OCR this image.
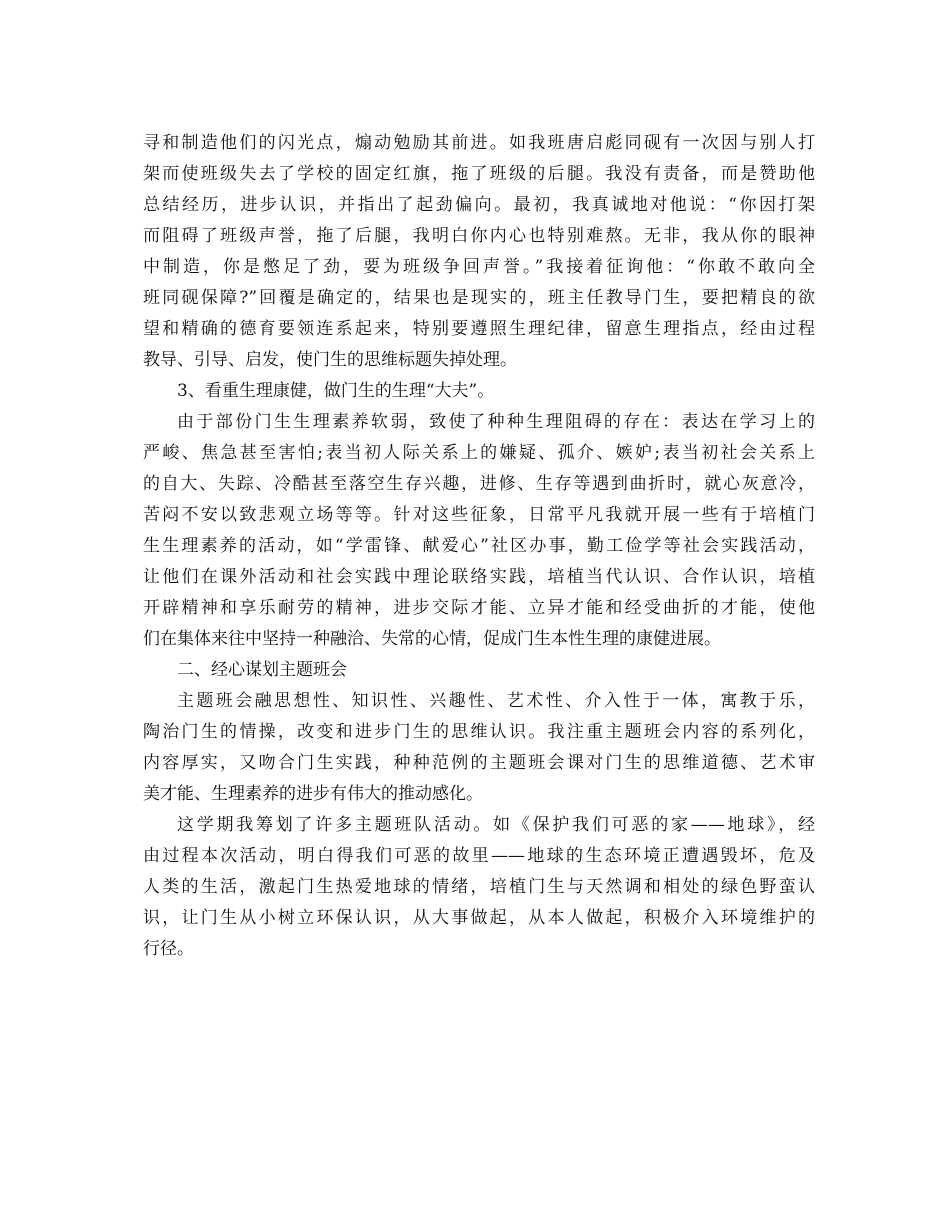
寻和制造他们的闪光点，煽动勉励其前进。如我班唐启彪同砚有一次因与别人打
架而使班级失去了学校的固定红旗，拖了班级的后腿。我没有责备，而是赞助他
总结经历，进步认识，并指出了起劲偏向。最初，我真诚地对他说：“你因打架
而阻碍了班级声誉，拖了后腿，我明白你内心也特别难熬。无非，我从你的眼神
中制造，你是憋足了劲，要为班级争回声誉。”我接着征询他：“你敢不敢向全
班同砚保障?”回覆是确定的，结果也是现实的，班主任教导门生，要把精良的欲
望和精确的德育要领连系起来，特别要遵照生理纪律，留意生理指点，经由过程
教导、引导、启发，使门生的思维标题失掉处理。
3、看重生理康健，做门生的生理“大夫”。
由于部份门生生理素养软弱，致使了种种生理阻碍的存在：表达在学习上的
严峻、焦急甚至害怕;表当初人际关系上的嫌疑、孤介、嫉妒;表当初社会关系上
的自大、失踪、冷酷甚至落空生存兴趣，进修、生存等遇到曲折时，就心灰意冷，
苦闷不安以致悲观立场等等。针对这些征象，日常平凡我就开展一些有于培植门
生生理素养的活动，如“学雷锋、献爱心”社区办事，勤工俭学等社会实践活动，
让他们在课外活动和社会实践中理论联络实践，培植当代认识、合作认识，培植
开辟精神和享乐耐劳的精神，进步交际才能、立异才能和经受曲折的才能，使他
们在集体来往中坚持一种融洽、失常的心情，促成门生本性生理的康健进展。
二、经心谋划主题班会
主题班会融思想性、知识性、兴趣性、艺术性、介入性于一体，寓教于乐，
陶治门生的情操，改变和进步门生的思维认识。我注重主题班会内容的系列化，
内容厚实，又吻合门生实践，种种范例的主题班会课对门生的思维道德、艺术审
美才能、生理素养的进步有伟大的推动感化。
这学期我筹划了许多主题班队活动。如《保护我们可恶的家——地球》，经
由过程本次活动，明白得我们可恶的故里——地球的生态环境正遭遇毁坏，危及
人类的生活，激起门生热爱地球的情绪，培植门生与天然调和相处的绿色野蛮认
识，让门生从小树立环保认识，从大事做起，从本人做起，积极介入环境维护的
行径。
